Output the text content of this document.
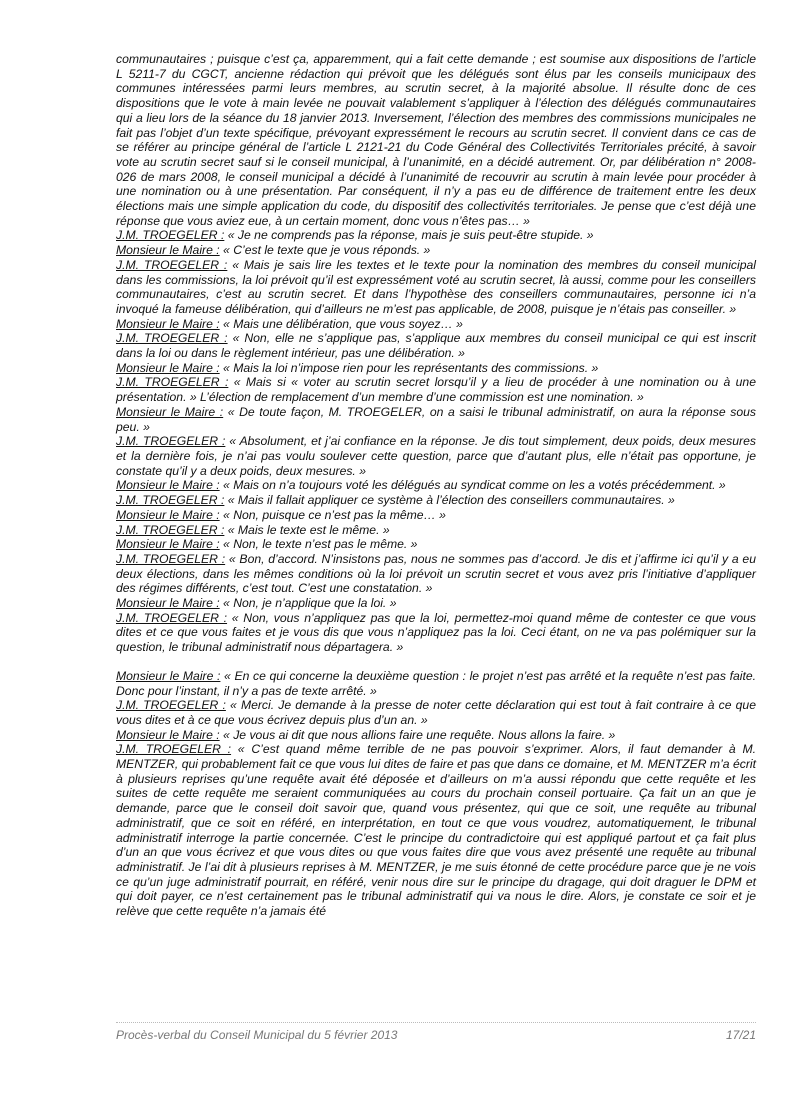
communautaires ; puisque c’est ça, apparemment, qui a fait cette demande ; est soumise aux dispositions de l’article L 5211-7 du CGCT, ancienne rédaction qui prévoit que les délégués sont élus par les conseils municipaux des communes intéressées parmi leurs membres, au scrutin secret, à la majorité absolue. Il résulte donc de ces dispositions que le vote à main levée ne pouvait valablement s’appliquer à l’élection des délégués communautaires qui a lieu lors de la séance du 18 janvier 2013. Inversement, l’élection des membres des commissions municipales ne fait pas l’objet d’un texte spécifique, prévoyant expressément le recours au scrutin secret. Il convient dans ce cas de se référer au principe général de l’article L 2121-21 du Code Général des Collectivités Territoriales précité, à savoir vote au scrutin secret sauf si le conseil municipal, à l’unanimité, en a décidé autrement. Or, par délibération n° 2008-026 de mars 2008, le conseil municipal a décidé à l’unanimité de recouvrir au scrutin à main levée pour procéder à une nomination ou à une présentation. Par conséquent, il n’y a pas eu de différence de traitement entre les deux élections mais une simple application du code, du dispositif des collectivités territoriales. Je pense que c’est déjà une réponse que vous aviez eue, à un certain moment, donc vous n’êtes pas… »

J.M. TROEGELER : « Je ne comprends pas la réponse, mais je suis peut-être stupide. »

Monsieur le Maire : « C’est le texte que je vous réponds. »

J.M. TROEGELER : « Mais je sais lire les textes et le texte pour la nomination des membres du conseil municipal dans les commissions, la loi prévoit qu’il est expressément voté au scrutin secret, là aussi, comme pour les conseillers communautaires, c’est au scrutin secret. Et dans l’hypothèse des conseillers communautaires, personne ici n’a invoqué la fameuse délibération, qui d’ailleurs ne m’est pas applicable, de 2008, puisque je n’étais pas conseiller. »

Monsieur le Maire : « Mais une délibération, que vous soyez… »

J.M. TROEGELER : « Non, elle ne s’applique pas, s’applique aux membres du conseil municipal ce qui est inscrit dans la loi ou dans le règlement intérieur, pas une délibération. »

Monsieur le Maire : « Mais la loi n’impose rien pour les représentants des commissions. »

J.M. TROEGELER : « Mais si « voter au scrutin secret lorsqu’il y a lieu de procéder à une nomination ou à une présentation. » L’élection de remplacement d’un membre d’une commission est une nomination. »

Monsieur le Maire : « De toute façon, M. TROEGELER, on a saisi le tribunal administratif, on aura la réponse sous peu. »

J.M. TROEGELER : « Absolument, et j’ai confiance en la réponse. Je dis tout simplement, deux poids, deux mesures et la dernière fois, je n’ai pas voulu soulever cette question, parce que d’autant plus, elle n’était pas opportune, je constate qu’il y a deux poids, deux mesures. »

Monsieur le Maire : « Mais on n’a toujours voté les délégués au syndicat comme on les a votés précédemment. »

J.M. TROEGELER : « Mais il fallait appliquer ce système à l’élection des conseillers communautaires. »

Monsieur le Maire : « Non, puisque ce n’est pas la même… »

J.M. TROEGELER : « Mais le texte est le même. »

Monsieur le Maire : « Non, le texte n’est pas le même. »

J.M. TROEGELER : « Bon, d’accord. N’insistons pas, nous ne sommes pas d’accord. Je dis et j’affirme ici qu’il y a eu deux élections, dans les mêmes conditions où la loi prévoit un scrutin secret et vous avez pris l’initiative d’appliquer des régimes différents, c’est tout. C’est une constatation. »

Monsieur le Maire : « Non, je n’applique que la loi. »

J.M. TROEGELER : « Non, vous n’appliquez pas que la loi, permettez-moi quand même de contester ce que vous dites et ce que vous faites et je vous dis que vous n’appliquez pas la loi. Ceci étant, on ne va pas polémiquer sur la question, le tribunal administratif nous départagera. »

Monsieur le Maire : « En ce qui concerne la deuxième question : le projet n’est pas arrêté et la requête n’est pas faite. Donc pour l’instant, il n’y a pas de texte arrêté. »

J.M. TROEGELER : « Merci. Je demande à la presse de noter cette déclaration qui est tout à fait contraire à ce que vous dites et à ce que vous écrivez depuis plus d’un an. »

Monsieur le Maire : « Je vous ai dit que nous allions faire une requête. Nous allons la faire. »

J.M. TROEGELER : « C’est quand même terrible de ne pas pouvoir s’exprimer. Alors, il faut demander à M. MENTZER, qui probablement fait ce que vous lui dites de faire et pas que dans ce domaine, et M. MENTZER m’a écrit à plusieurs reprises qu’une requête avait été déposée et d’ailleurs on m’a aussi répondu que cette requête et les suites de cette requête me seraient communiquées au cours du prochain conseil portuaire. Ça fait un an que je demande, parce que le conseil doit savoir que, quand vous présentez, qui que ce soit, une requête au tribunal administratif, que ce soit en référé, en interprétation, en tout ce que vous voudrez, automatiquement, le tribunal administratif interroge la partie concernée. C’est le principe du contradictoire qui est appliqué partout et ça fait plus d’un an que vous écrivez et que vous dites ou que vous faites dire que vous avez présenté une requête au tribunal administratif. Je l’ai dit à plusieurs reprises à M. MENTZER, je me suis étonné de cette procédure parce que je ne vois ce qu’un juge administratif pourrait, en référé, venir nous dire sur le principe du dragage, qui doit draguer le DPM et qui doit payer, ce n’est certainement pas le tribunal administratif qui va nous le dire. Alors, je constate ce soir et je relève que cette requête n’a jamais été

Procès-verbal du Conseil Municipal du 5 février 2013	17/21
